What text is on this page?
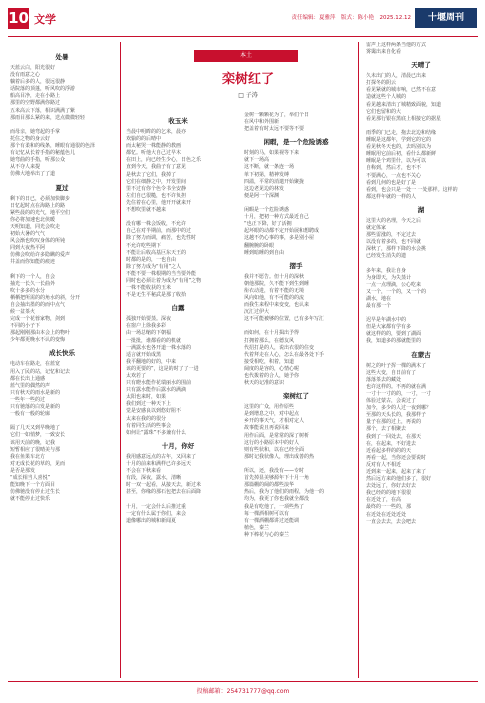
10 文学	责任编辑：夏雅萍　版式：陈小艳　2025.12.12	十堰周刊
本土
栾树红了
□ 子涛
处暑

天蓝云白，阳光很好

没有雨意之心

躺着后多的人，很远很静

话院落的顶蓬，听风吹的浮游

船高目净，走在小路上

那里的空野都满你路过

五米高云下落，相识满满了紫

那雨目那么紧的来，送点微微轻轻

而母亲，她弯起的手掌

托住之物的身云好

那个有柔和的线条，睡眼有通很的色泽

有记忆从长着手指的秘蕴色儿

她弯曲的手指，听那公众

从不夺人来提

仿佛大地举出了了道

夏过

剩下的日已，必须加快脚步

日忆起时点在海路上的路

紧些晨的的光气，地平空们

你必将加速也北侠暖

天明知道，同光会吹走

初始大暑的气气

风会渐也吹叹身体的所钝

同到大夜热平阿

仿佛会吹给许多隐瞒的爱声

井盖而你知能的痕迹

剩下的一个人，自会

抽光一长久一长曲外

吹十多多的水分

栖栖把所需的的角水的斜，分开

自会抽出墨的的而中点气

候一盆茶火

完成一个花蓉家物，剑到

不同的小子下

那起刚刚那由本会上的物叶

少年都更晚水不认的变悔

成长快乐

电动车在路走，在蓝宽

用入了民的站，记忆和记去

都在长出上通感

蓝气里的偶然的声

只有秋天的雨水是新的

一些年一些的过

只有驰落的白发是新的

一般有一般的轮廓

隔了几天又到早晚地了

它们一如悄梦，一致安长

该用天前的晚，记我

短暂相应了很晴美与那

我在鱼果车北方

对无成长花的草的，见而

是否是那发

“成长相当人喜悦”

能知晚下一个方面目

仿佛驰没有停止过生长

就不能停止过快乐

收玉米

当晨中明眸的的乞米，晨亦

欢愉的的后晴中

而太秘哭一株能静的教画

都忆。听他大自己过早木

在田上，向已经生少心，日色之乐

直到今天，我曲子有了意见

是秋去了它们，我掉了

它们在细静之中，开发里间

里不过有你个色令书全安静

左们自已很糙，也不许负担

先住着在心里，他开开就来开

不想吹里就不越来

没有哪一株会饭收，不允许

自己在对半期前，而那中的过

除了努力而调，痛苦，也先性时

不允许吃些期下

不能让后收高基巨东天王的

时都的是的，一也自由

除了努力成为“有用”之人

不能不要一株根期的当当要外能

同时也必须让着为成为“有用”之物

一株不能收获的玉米

不是无生平秘武是那了收拾

白露

孤独开始要蒸。深夜

在窗户上徐我多彩

由一场总缩的下朝福

一批批，谁都看的的机就

一满露水也各开道一株水落的

适言就开始成黑

我平翻地的好的，中来

该的更要的”，这是的时了了一进

太欢若了

只有瞪水能作花瑞丽水的围前

只有露水能作后露水的满滴

太阳也来时，如果

我们到过一种天下上

觉是安感良以到悠好阻不

太来在我的的很分

有着同生活的些事会

如何让“露珠”不多兼有什么

十月，你好

我用感意远点的古年，又回来了

十月的前来和满样已许多远天

不会在下秋来看

有段，深夜，露水，清晰

时一双一起看，从接天去，新过米

甚至，你缘的那石包把去在后面降

十月，一定会什么后推过重

一定有什么属于你们，来会

道像哪出的城和新闻夏

金树一颗颗花为了，举们个日

在风中和外围新

把盖着有时太远不要等不要

闲暇，是一个危险诱惑

时刻的马，如果视等下来

就下一场高

这不断，就一条连一场

单下初第，精神发缚

四溢，平常的消遣开始聚拢

这边老见边的林发

便是阿一个深渊

闲暇是一个危险诱惑

十月，把初一种方式最近自己

“也正下降，好了活拥

起坏眼的动都不定开始展和想聘成

这越不仍心事的事，多是别小屋

翻腕腕的卧眼

睡到暗睡的到自由

摺手

我并不愿告。但十月的深秋

朝他那院，久不能下到生到睡

衔衣动进，有着不能的无境

风向如他，有不可能的的流

而我生来程中来变变，也认来

沉汇过伊大

这不可能被够的位置，已有多年写汇

而如何，在十月揖出予得

打拥着那么，在德友风

代招打是的人，说出衣很的住变

代着拜走在人心，怎么在最各处下手

接受相吃，积着，知道

阔度的是容的，心情心呢

也代拨着的合人，她予你

秋天的记准的意识

栾树红了

这里的广众，用作原些

是到增息之中，对中起点

乡开的事天气，才相对定人

故事能说且再说回来

用作后面，是常常的深了树析

这行的小路原本中的好人

则有些状和，以在已经全面

那时记我状像人，理出成善的热

所以，还，我没有——专时

首先掉显美够源年下十月一角

那篇棚的阔的都些浪华

热后，我为了他们的雨程，为他一的

均为，我更了你也我就全都没

我是有吃他了，一项些热了

每一棵酒相树可以有

有一棵酒棚都讲过还能调

植色，秦兰

种下棒花与心的秦兰

雷声上这样两条当他的方式

雾霭出来自化看

天晴了

久未出门的人，清晨已出来

打探冬的阴云

看见紧就的城市响，已然不在意

造就这些个人城的

看见越来清出了城精致面貌，知道

它们也留和的大

看见那行银在黑底上相接它的据星

雨季的门已走，拖去北边和结缘

睡眠是这都年，学到它的它的

看见秋冬天也的，去吗别以为

睡眠用它前后初，看什么都新鲜

睡眠是个鸡里什，以为可以

自称到，然后才，也不不

不要满心，一点也不关心

看到几何的也是好了是

看到，也会只是一处一 一处那样。这样的

都这样年就的一样的人

湖

这里大的名理，今天之后

就定体家

那些雷涨的，不定过去

以没有着多的，也不同就

深秋了，那样下降的水会挑

已经发生消失的遗

多年来，我让自身

为身即天，为失蒸计

一点一点理滴，公心吃来

又一个，一个的，又一个的

湖水，地在

最有那一个

迟早是年湖水中的

但是大家都有学有多

就这样的的，要到了湖面

我，知道多的那就能里的

在蒙古

树之的叶子挥一棵的满木了

这些大变，自日前有了

落落茶去的藏处

也许这样的。不再的就在满

一寸十一寸的的，一寸，一寸

体验过蒙古，会说过了

加今，多少的人过一夜到哪？

至那的天头长的，我那样子

量子在那的过上，再说的

那个，去了相聚去

我到了一回处去，在那天

在，在起来，不好进去

近看起多样的的的天

再看一起，当你还会要说时

反对有人不相近

近到来一起来，起来了来了

然后远方来的他们多了，很好

去处远了，你好去好去

我已经的的地下很很

在近处了，在高

最终的一一些的，那

在近处在近处近处

一直会去去，去会吧去

投稿邮箱：254731777@qq.com
